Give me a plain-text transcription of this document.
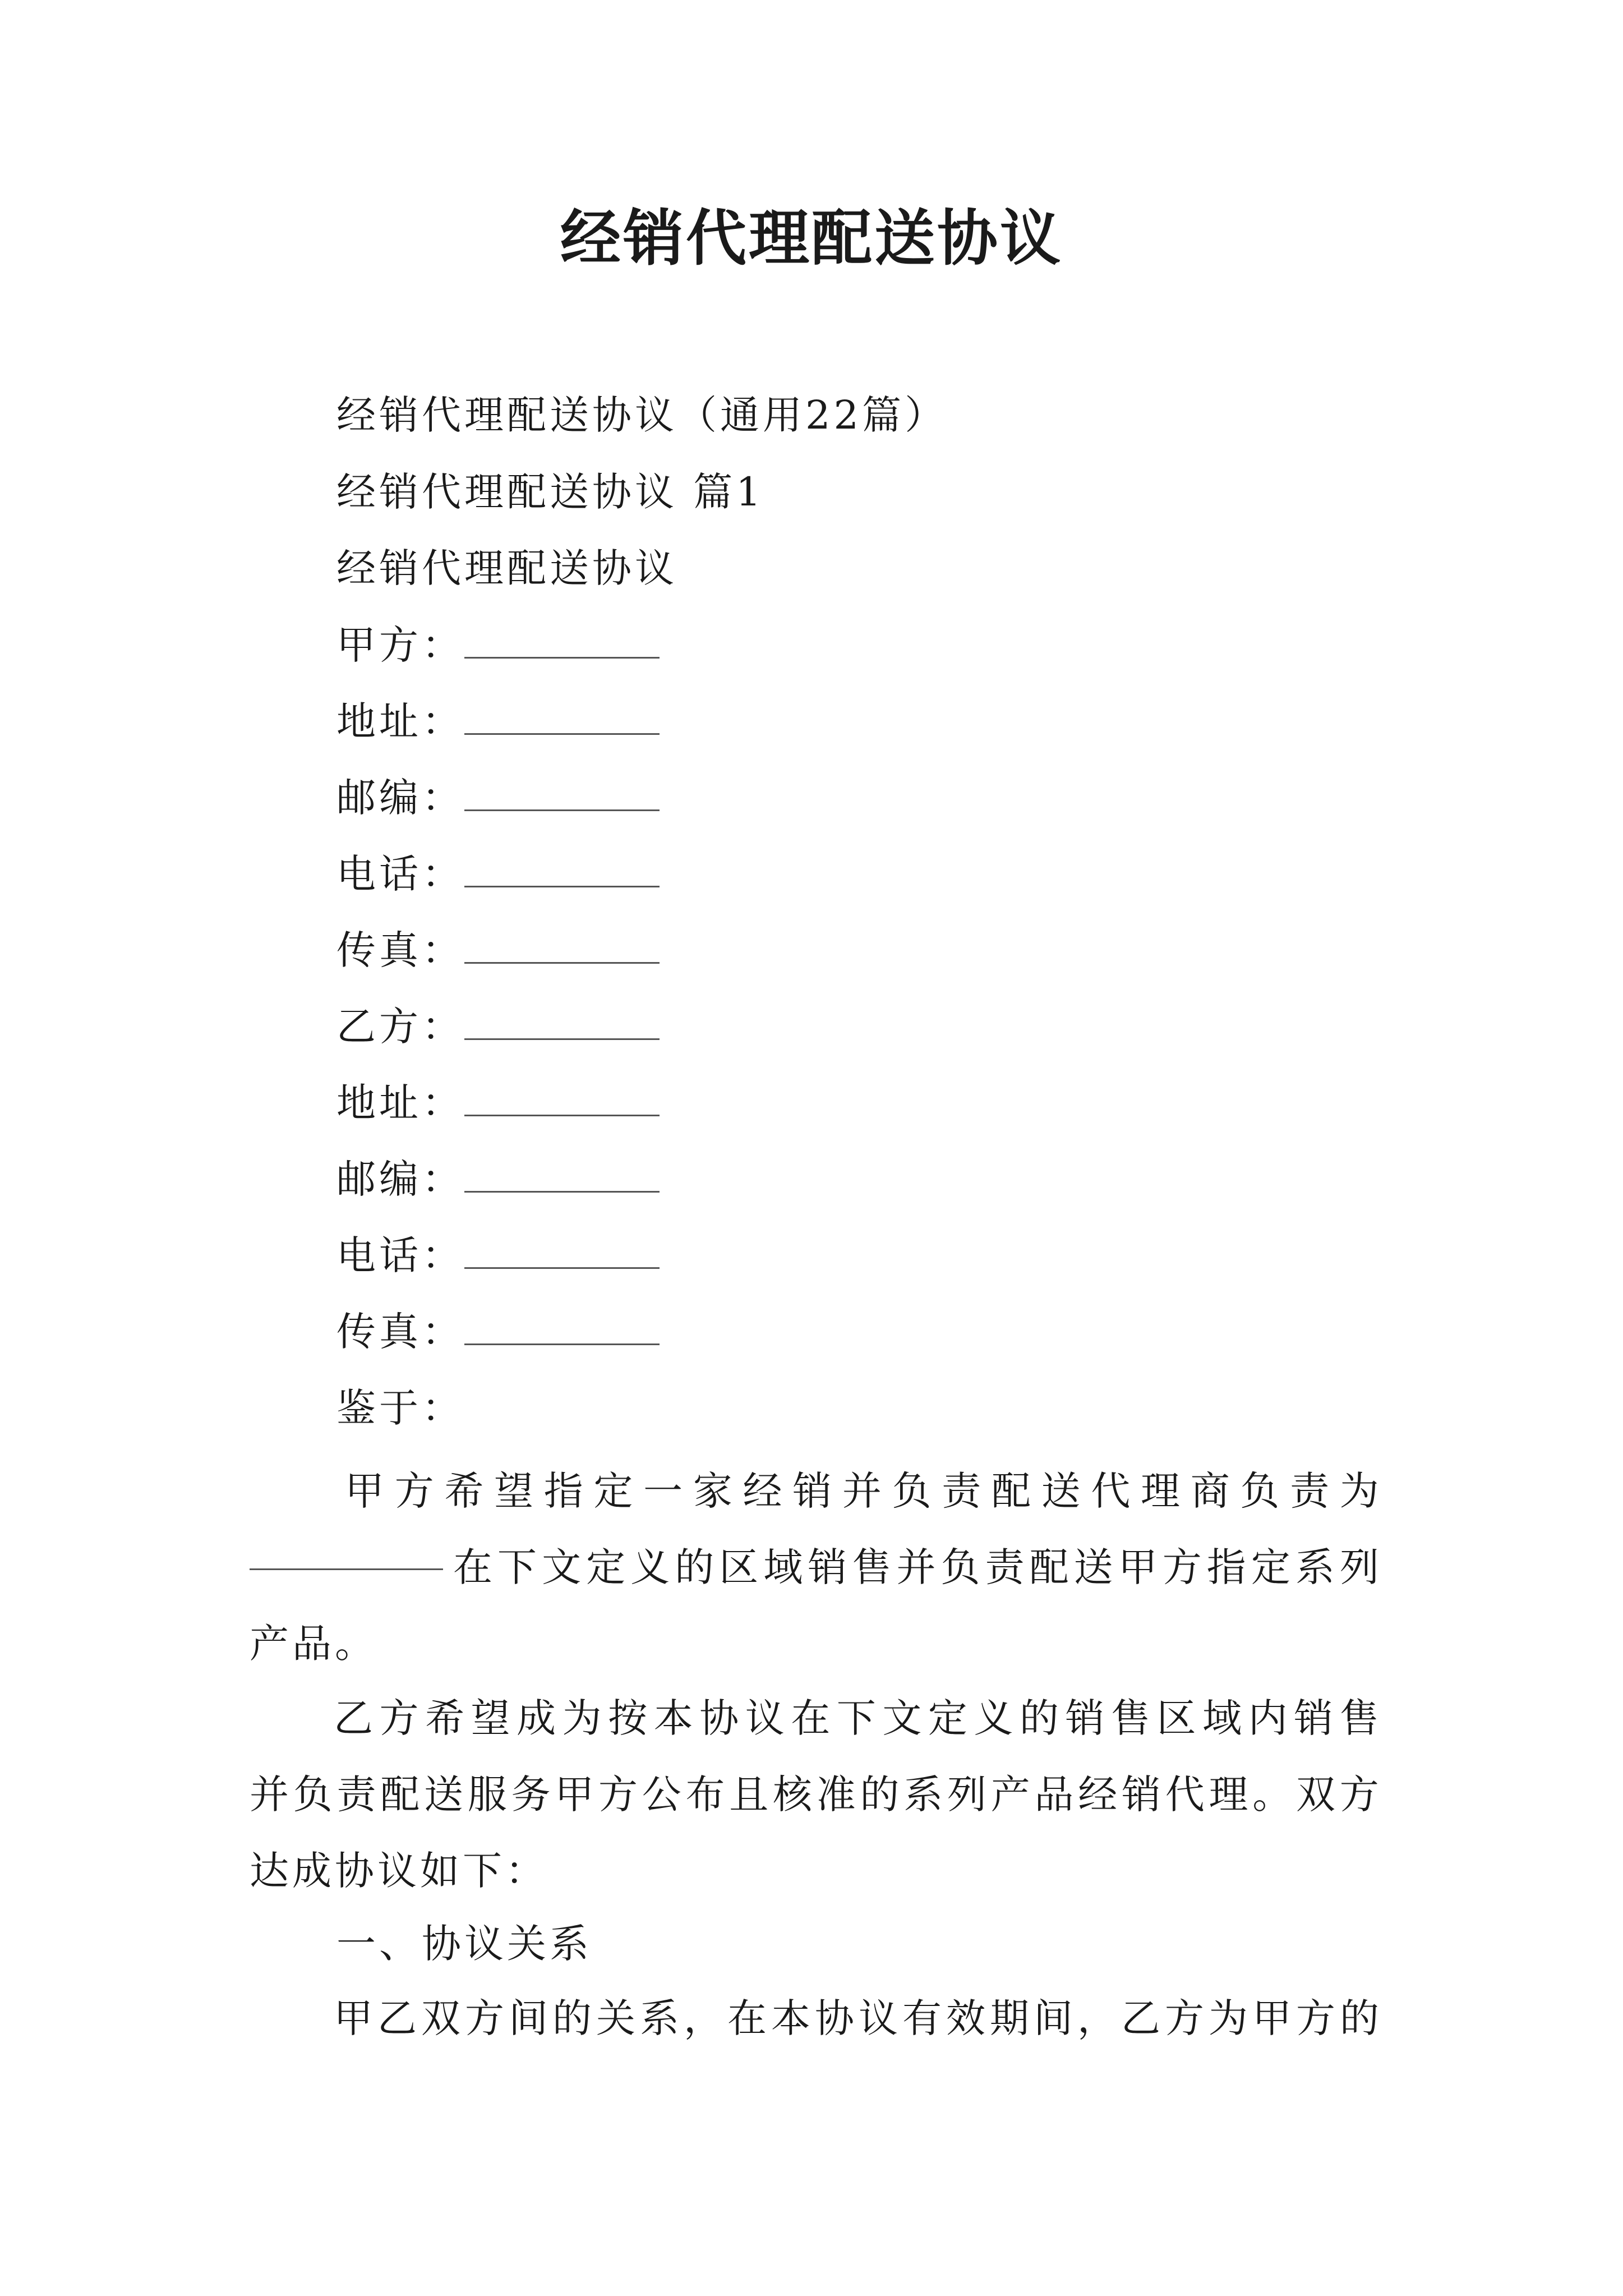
经销代理配送协议
经销代理配送协议（通用22篇）
经销代理配送协议 篇1
经销代理配送协议
甲方：
地址：
邮编：
电话：
传真：
乙方：
地址：
邮编：
电话：
传真：
鉴于：
甲 方 希 望 指 定 一 家 经 销 并 负 责 配 送 代 理 商 负 责 为
在 下 文 定 义 的 区 域 销 售 并 负 责 配 送 甲 方 指 定 系 列
产品。
乙 方 希 望 成 为 按 本 协 议 在 下 文 定 义 的 销 售 区 域 内 销 售
并 负 责 配 送 服 务 甲 方 公 布 且 核 准 的 系 列 产 品 经 销 代 理 。 双 方
达成协议如下：
一、协议关系
甲 乙 双 方 间 的 关 系 ， 在 本 协 议 有 效 期 间 ， 乙 方 为 甲 方 的
